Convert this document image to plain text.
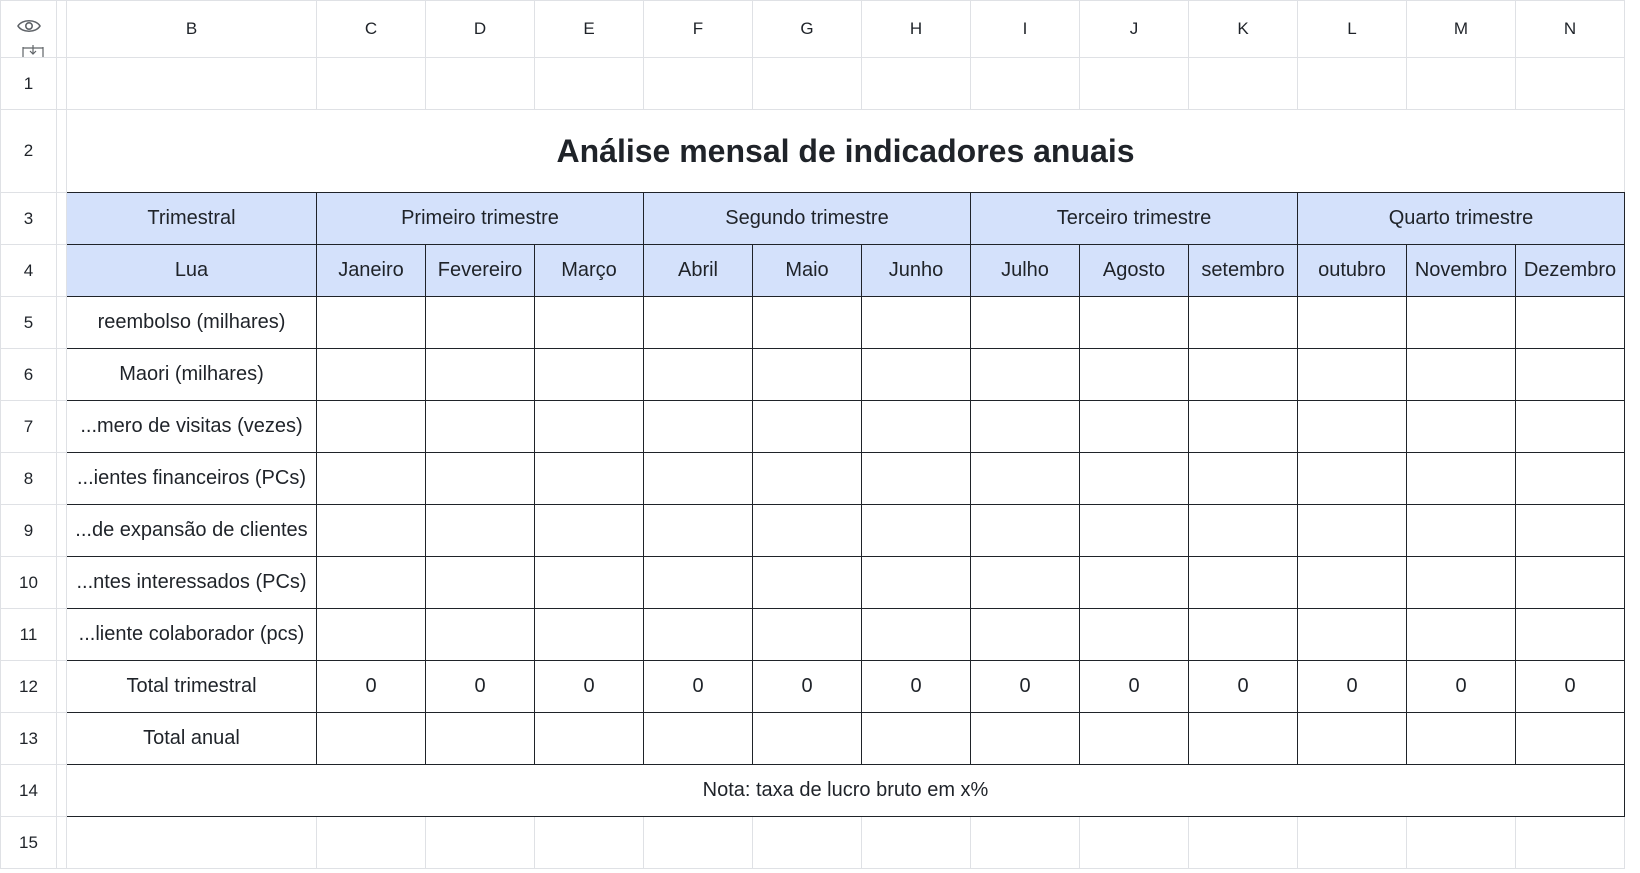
		B	C	D	E	F	G	H	I	J	K	L	M	N
1														
2		Análise mensal de indicadores anuais												
3		Trimestral	Primeiro trimestre			Segundo trimestre			Terceiro trimestre			Quarto trimestre		
4		Lua	Janeiro	Fevereiro	Março	Abril	Maio	Junho	Julho	Agosto	setembro	outubro	Novembro	Dezembro
5		reembolso (milhares)												
6		Maori (milhares)												
7		...mero de visitas (vezes)												
8		...ientes financeiros (PCs)												
9		...de expansão de clientes												
10		...ntes interessados (PCs)												
11		...liente colaborador (pcs)												
12		Total trimestral	0	0	0	0	0	0	0	0	0	0	0	0
13		Total anual												
14		Nota: taxa de lucro bruto em x%												
15														
